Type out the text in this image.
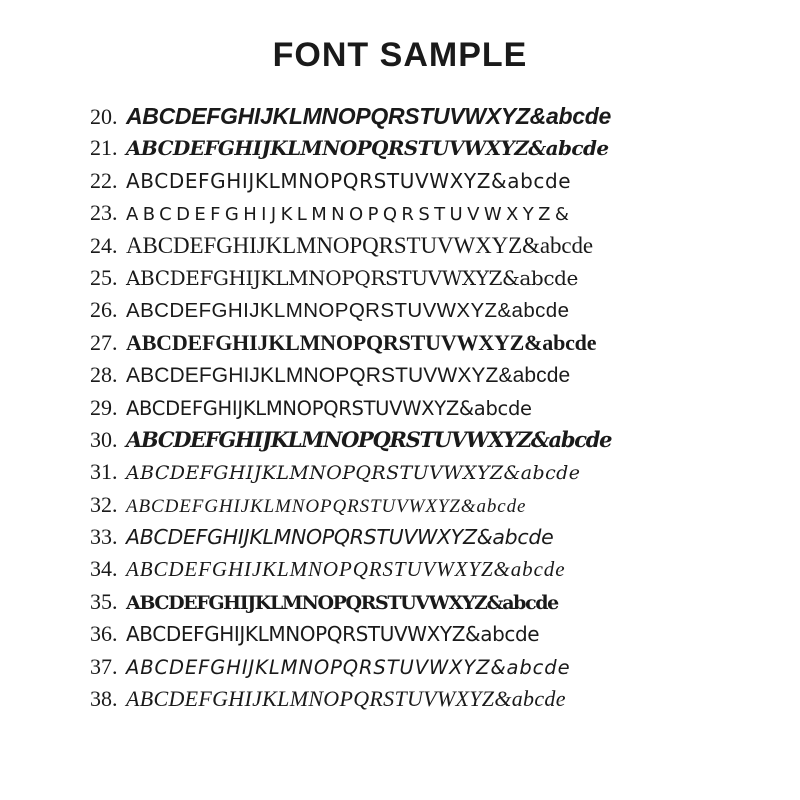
FONT SAMPLE
20. ABCDEFGHIJKLMNOPQRSTUVWXYZ&abcde
21. ABCDEFGHIJKLMNOPQRSTUVWXYZ&abcde
22. ABCDEFGHIJKLMNOPQRSTUVWXYZ&abcde
23. ABCDEFGHIJKLMNOPQRSTUVWXYZ&
24. ABCDEFGHIJKLMNOPQRSTUVWXYZ&abcde
25. ABCDEFGHIJKLMNOPQRSTUVWXYZ&abcde
26. ABCDEFGHIJKLMNOPQRSTUVWXYZ&abcde
27. ABCDEFGHIJKLMNOPQRSTUVWXYZ&abcde
28. ABCDEFGHIJKLMNOPQRSTUVWXYZ&abcde
29. ABCDEFGHIJKLMNOPQRSTUVWXYZ&abcde
30. ABCDEFGHIJKLMNOPQRSTUVWXYZ&abcde
31. ABCDEFGHIJKLMNOPQRSTUVWXYZ&abcde
32. ABCDEFGHIJKLMNOPQRSTUVWXYZ&abcde
33. ABCDEFGHIJKLMNOPQRSTUVWXYZ&abcde
34. ABCDEFGHIJKLMNOPQRSTUVWXYZ&abcde
35. ABCDEFGHIJKLMNOPQRSTUVWXYZ&abcde
36. ABCDEFGHIJKLMNOPQRSTUVWXYZ&abcde
37. ABCDEFGHIJKLMNOPQRSTUVWXYZ&abcde
38. ABCDEFGHIJKLMNOPQRSTUVWXYZ&abcde
